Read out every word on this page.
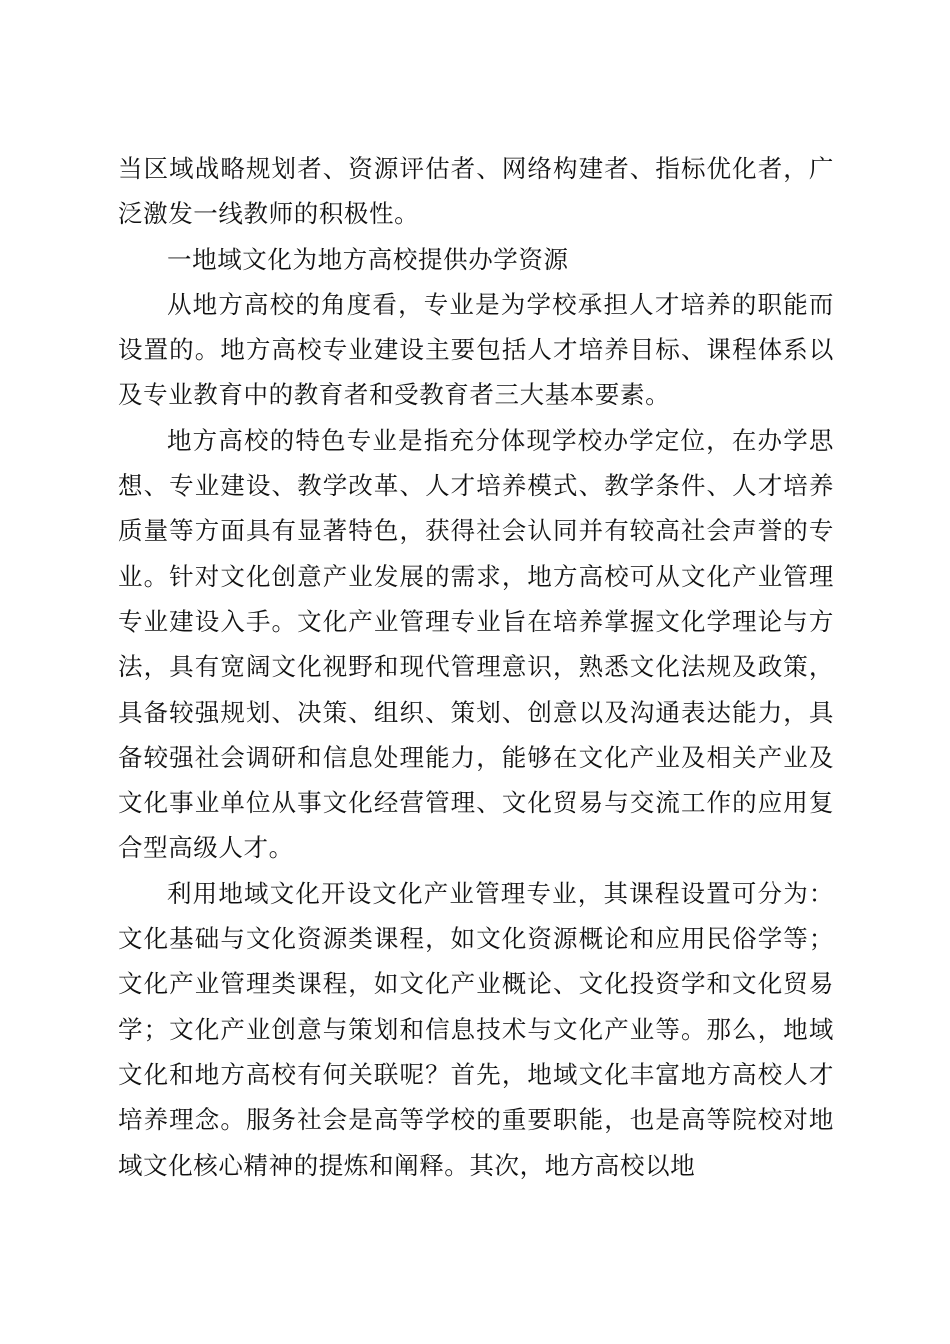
当区域战略规划者、资源评估者、网络构建者、指标优化者，广泛激发一线教师的积极性。

一地域文化为地方高校提供办学资源

从地方高校的角度看，专业是为学校承担人才培养的职能而设置的。地方高校专业建设主要包括人才培养目标、课程体系以及专业教育中的教育者和受教育者三大基本要素。

地方高校的特色专业是指充分体现学校办学定位，在办学思想、专业建设、教学改革、人才培养模式、教学条件、人才培养质量等方面具有显著特色，获得社会认同并有较高社会声誉的专业。针对文化创意产业发展的需求，地方高校可从文化产业管理专业建设入手。文化产业管理专业旨在培养掌握文化学理论与方法，具有宽阔文化视野和现代管理意识，熟悉文化法规及政策，具备较强规划、决策、组织、策划、创意以及沟通表达能力，具备较强社会调研和信息处理能力，能够在文化产业及相关产业及文化事业单位从事文化经营管理、文化贸易与交流工作的应用复合型高级人才。

利用地域文化开设文化产业管理专业，其课程设置可分为：文化基础与文化资源类课程，如文化资源概论和应用民俗学等；文化产业管理类课程，如文化产业概论、文化投资学和文化贸易学；文化产业创意与策划和信息技术与文化产业等。那么，地域文化和地方高校有何关联呢？首先，地域文化丰富地方高校人才培养理念。服务社会是高等学校的重要职能，也是高等院校对地域文化核心精神的提炼和阐释。其次，地方高校以地
